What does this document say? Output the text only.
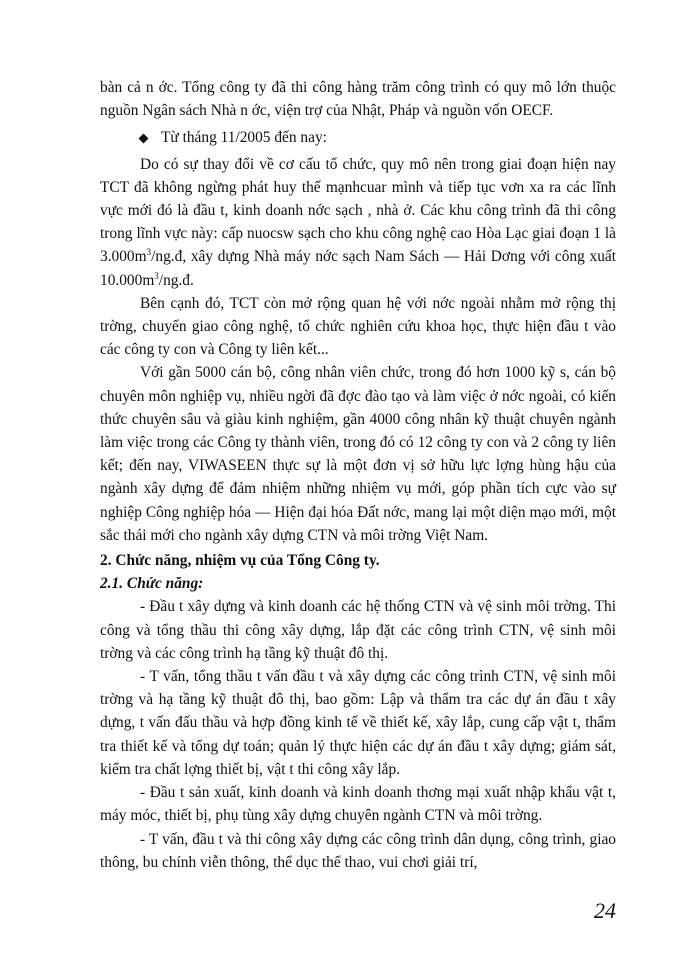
bàn cả n ớc. Tổng công ty đã thi công hàng trăm công trình có quy mô lớn thuộc nguồn Ngân sách Nhà n ớc, viện trợ của Nhật, Pháp và nguồn vốn OECF.

Từ tháng 11/2005 đến nay:

Do có sự thay đổi về cơ cấu tổ chức, quy mô nên trong giai đoạn hiện nay TCT đã không ngừng phát huy thế mạnhcuar mình và tiếp tục vơn xa ra các lĩnh vực mới đó là đầu t, kinh doanh nớc sạch , nhà ở. Các khu công trình đã thi công trong lĩnh vực này: cấp nuocsw sạch cho khu công nghệ cao Hòa Lạc giai đoạn 1 là $3.000m^3/ng.đ$, xây dựng Nhà máy nớc sạch Nam Sách — Hải Dơng với công xuất $10.000m^3/ng.đ$.

Bên cạnh đó, TCT còn mở rộng quan hệ với nớc ngoài nhằm mở rộng thị trờng, chuyển giao công nghệ, tổ chức nghiên cứu khoa học, thực hiện đầu t vào các công ty con và Công ty liên kết...

Với gần 5000 cán bộ, công nhân viên chức, trong đó hơn 1000 kỹ s, cán bộ chuyên môn nghiệp vụ, nhiều ngời đã đợc đào tạo và làm việc ở nớc ngoài, có kiến thức chuyên sâu và giàu kinh nghiệm, gần 4000 công nhân kỹ thuật chuyên ngành làm việc trong các Công ty thành viên, trong đó có 12 công ty con và 2 công ty liên kết; đến nay, VIWASEEN thực sự là một đơn vị sở hữu lực lợng hùng hậu của ngành xây dựng để đảm nhiệm những nhiệm vụ mới, góp phần tích cực vào sự nghiệp Công nghiệp hóa — Hiện đại hóa Đất nớc, mang lại một diện mạo mới, một sắc thái mới cho ngành xây dựng CTN và môi trờng Việt Nam.

2. Chức năng, nhiệm vụ của Tổng Công ty.

2.1. Chức năng:

- Đầu t xây dựng và kinh doanh các hệ thống CTN và vệ sinh môi trờng. Thi công và tổng thầu thi công xây dựng, lắp đặt các công trình CTN, vệ sinh môi trờng và các công trình hạ tầng kỹ thuật đô thị.

- T vấn, tổng thầu t vấn đầu t và xây dựng các công trình CTN, vệ sinh môi trờng và hạ tầng kỹ thuật đô thị, bao gồm: Lập và thẩm tra các dự án đầu t xây dựng, t vấn đấu thầu và hợp đồng kinh tế về thiết kế, xây lắp, cung cấp vật t, thẩm tra thiết kế và tổng dự toán; quản lý thực hiện các dự án đầu t xây dựng; giám sát, kiểm tra chất lợng thiết bị, vật t thi công xây lắp.

- Đầu t sản xuất, kinh doanh và kinh doanh thơng mại xuất nhập khẩu vật t, máy móc, thiết bị, phụ tùng xây dựng chuyên ngành CTN và môi trờng.

- T vấn, đầu t và thi công xây dựng các công trình dân dụng, công trình, giao thông, bu chính viễn thông, thể dục thể thao, vui chơi giải trí,

24
